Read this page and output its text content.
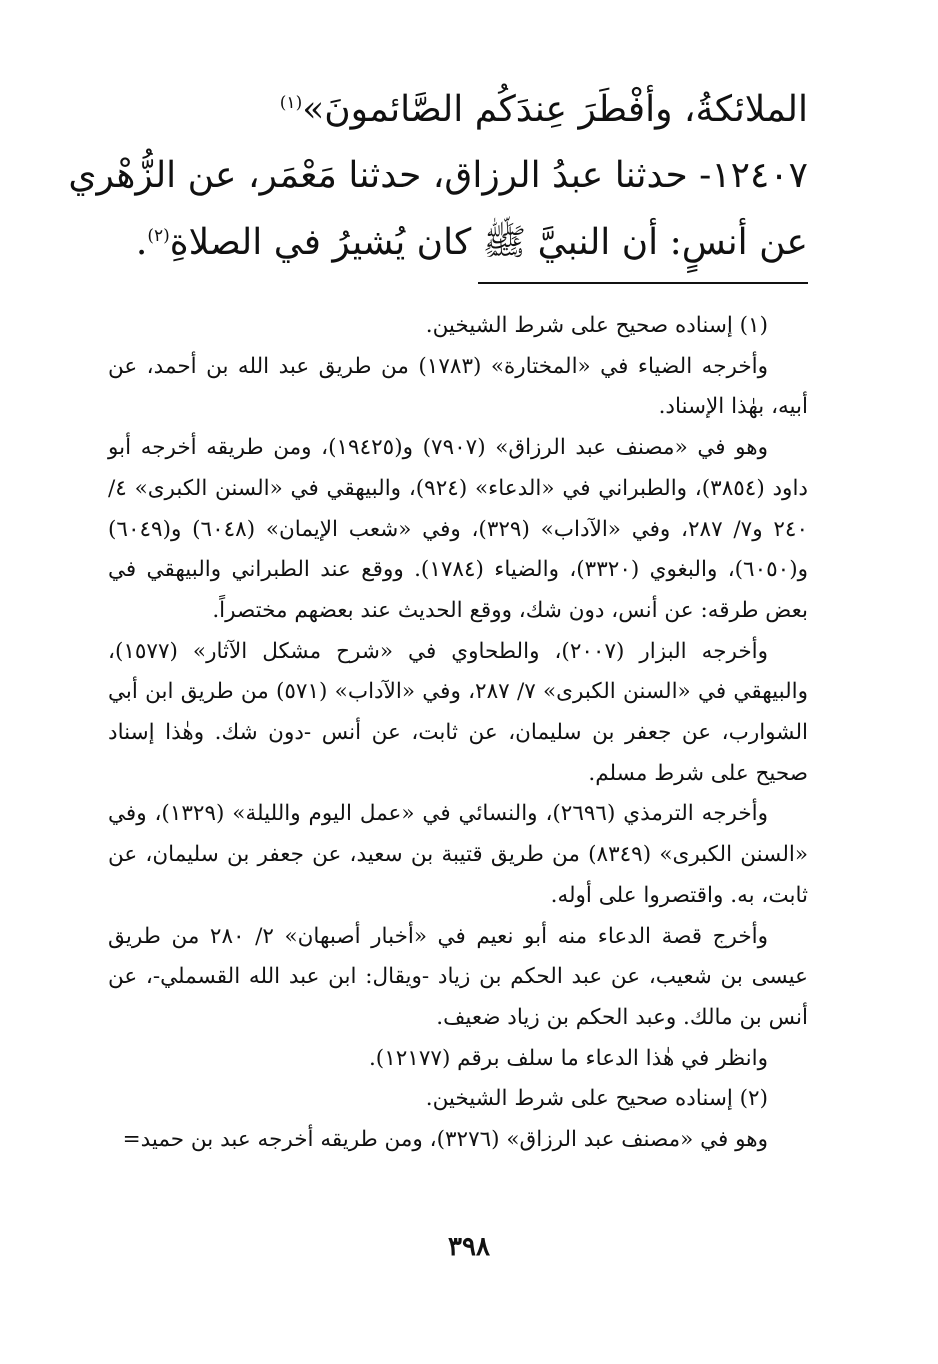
الملائكةُ، وأفْطَرَ عِندَكُم الصَّائمونَ»$^{(١)}$
١٢٤٠٧- حدثنا عبدُ الرزاق، حدثنا مَعْمَر، عن الزُّهْري
عن أنسٍ: أن النبيَّ ﷺ كان يُشيرُ في الصلاةِ$^{(٢)}$.

(١) إسناده صحيح على شرط الشيخين.

وأخرجه الضياء في «المختارة» (١٧٨٣) من طريق عبد الله بن أحمد، عن أبيه، بهٰذا الإسناد.

وهو في «مصنف عبد الرزاق» (٧٩٠٧) و(١٩٤٢٥)، ومن طريقه أخرجه أبو داود (٣٨٥٤)، والطبراني في «الدعاء» (٩٢٤)، والبيهقي في «السنن الكبرى» ٤/ ٢٤٠ و٧/ ٢٨٧، وفي «الآداب» (٣٢٩)، وفي «شعب الإيمان» (٦٠٤٨) و(٦٠٤٩) و(٦٠٥٠)، والبغوي (٣٣٢٠)، والضياء (١٧٨٤). ووقع عند الطبراني والبيهقي في بعض طرقه: عن أنس، دون شك، ووقع الحديث عند بعضهم مختصراً.

وأخرجه البزار (٢٠٠٧)، والطحاوي في «شرح مشكل الآثار» (١٥٧٧)، والبيهقي في «السنن الكبرى» ٧/ ٢٨٧، وفي «الآداب» (٥٧١) من طريق ابن أبي الشوارب، عن جعفر بن سليمان، عن ثابت، عن أنس -دون شك. وهٰذا إسناد صحيح على شرط مسلم.

وأخرجه الترمذي (٢٦٩٦)، والنسائي في «عمل اليوم والليلة» (١٣٢٩)، وفي «السنن الكبرى» (٨٣٤٩) من طريق قتيبة بن سعيد، عن جعفر بن سليمان، عن ثابت، به. واقتصروا على أوله.

وأخرج قصة الدعاء منه أبو نعيم في «أخبار أصبهان» ٢/ ٢٨٠ من طريق عيسى بن شعيب، عن عبد الحكم بن زياد -ويقال: ابن عبد الله القسملي-، عن أنس بن مالك. وعبد الحكم بن زياد ضعيف.

وانظر في هٰذا الدعاء ما سلف برقم (١٢١٧٧).

(٢) إسناده صحيح على شرط الشيخين.

وهو في «مصنف عبد الرزاق» (٣٢٧٦)، ومن طريقه أخرجه عبد بن حميد=

٣٩٨
